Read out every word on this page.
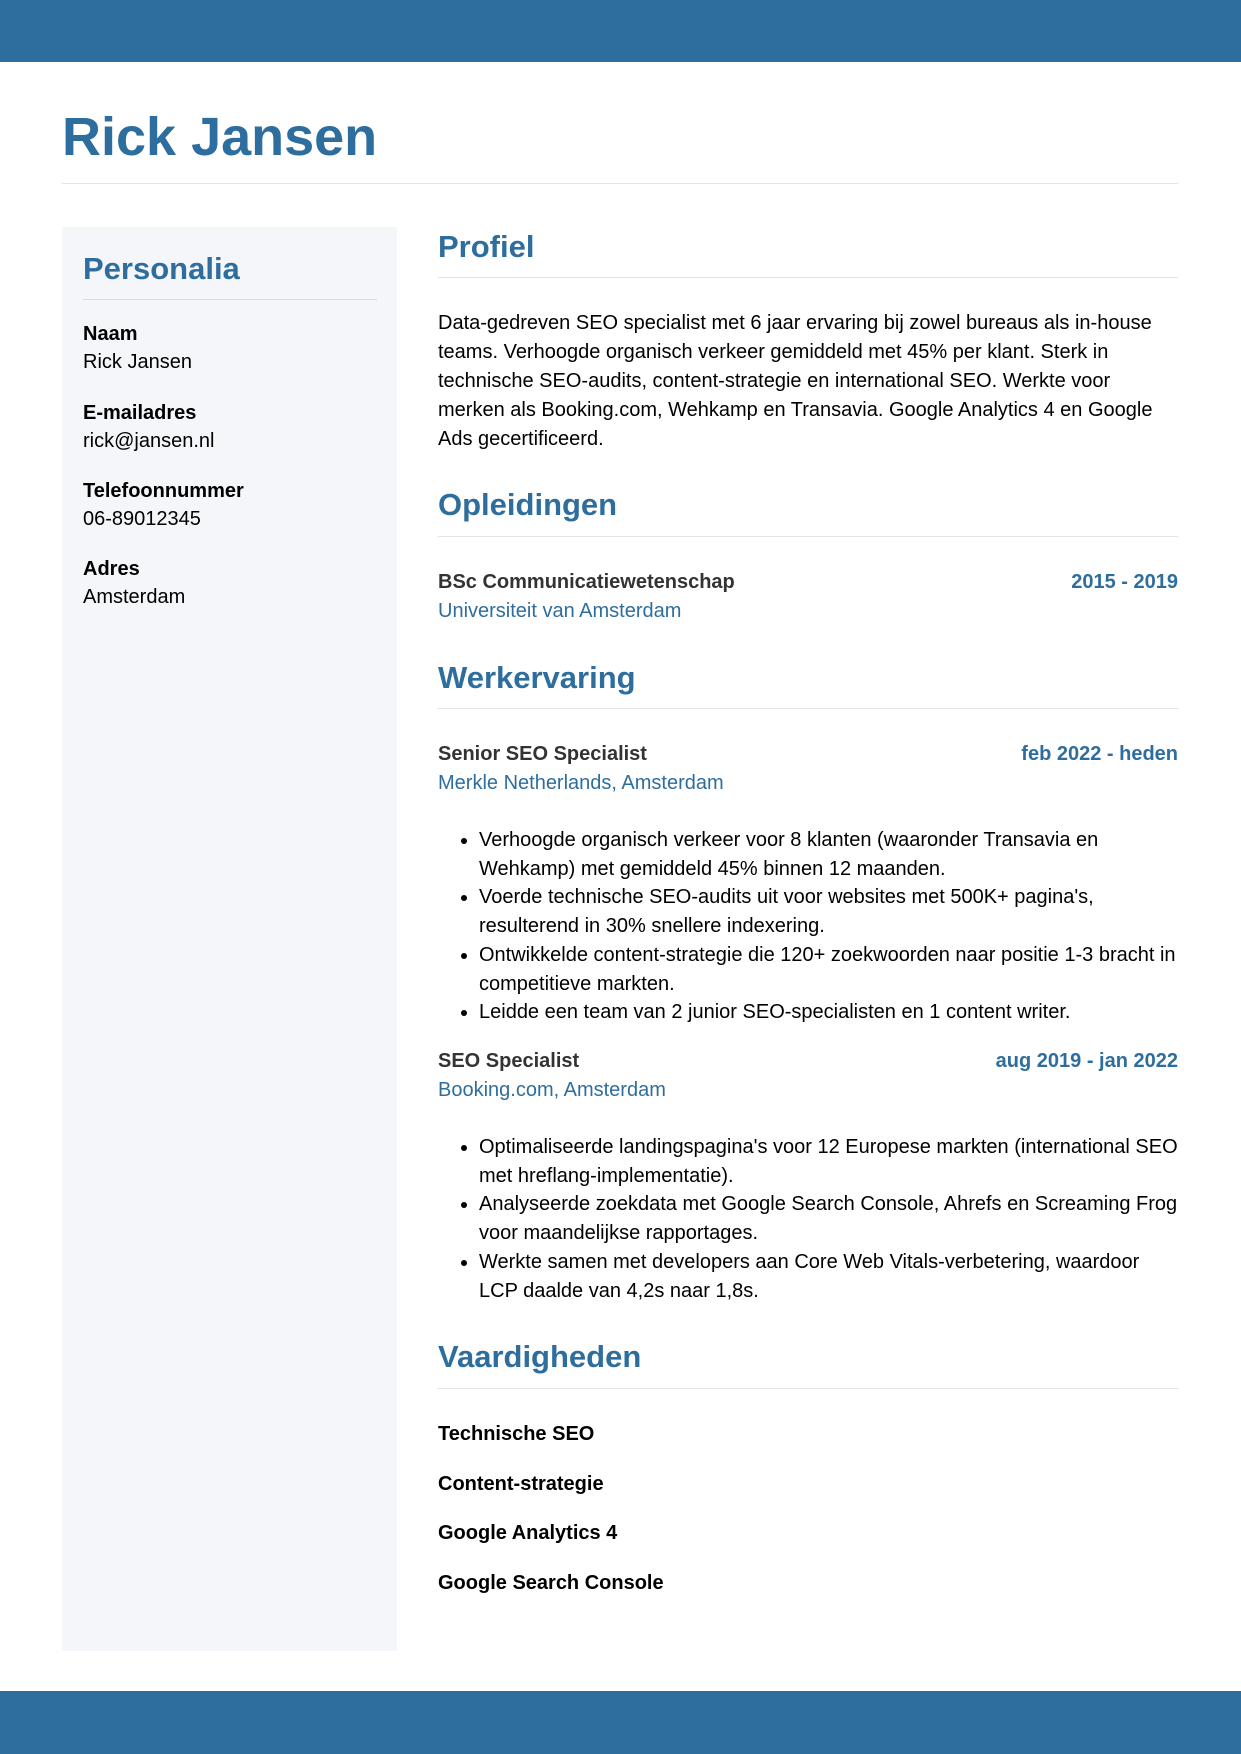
Rick Jansen
Personalia
Naam
Rick Jansen
E-mailadres
rick@jansen.nl
Telefoonnummer
06-89012345
Adres
Amsterdam
Profiel

Data-gedreven SEO specialist met 6 jaar ervaring bij zowel bureaus als in-house teams. Verhoogde organisch verkeer gemiddeld met 45% per klant. Sterk in technische SEO-audits, content-strategie en international SEO. Werkte voor merken als Booking.com, Wehkamp en Transavia. Google Analytics 4 en Google Ads gecertificeerd.

Opleidingen
BSc Communicatiewetenschap	2015 - 2019
Universiteit van Amsterdam
Werkervaring
Senior SEO Specialist	feb 2022 - heden
Merkle Netherlands, Amsterdam
• Verhoogde organisch verkeer voor 8 klanten (waaronder Transavia en Wehkamp) met gemiddeld 45% binnen 12 maanden.
• Voerde technische SEO-audits uit voor websites met 500K+ pagina's, resulterend in 30% snellere indexering.
• Ontwikkelde content-strategie die 120+ zoekwoorden naar positie 1-3 bracht in competitieve markten.
• Leidde een team van 2 junior SEO-specialisten en 1 content writer.
SEO Specialist	aug 2019 - jan 2022
Booking.com, Amsterdam
• Optimaliseerde landingspagina's voor 12 Europese markten (international SEO met hreflang-implementatie).
• Analyseerde zoekdata met Google Search Console, Ahrefs en Screaming Frog voor maandelijkse rapportages.
• Werkte samen met developers aan Core Web Vitals-verbetering, waardoor LCP daalde van 4,2s naar 1,8s.
Vaardigheden
Technische SEO
Content-strategie
Google Analytics 4
Google Search Console
